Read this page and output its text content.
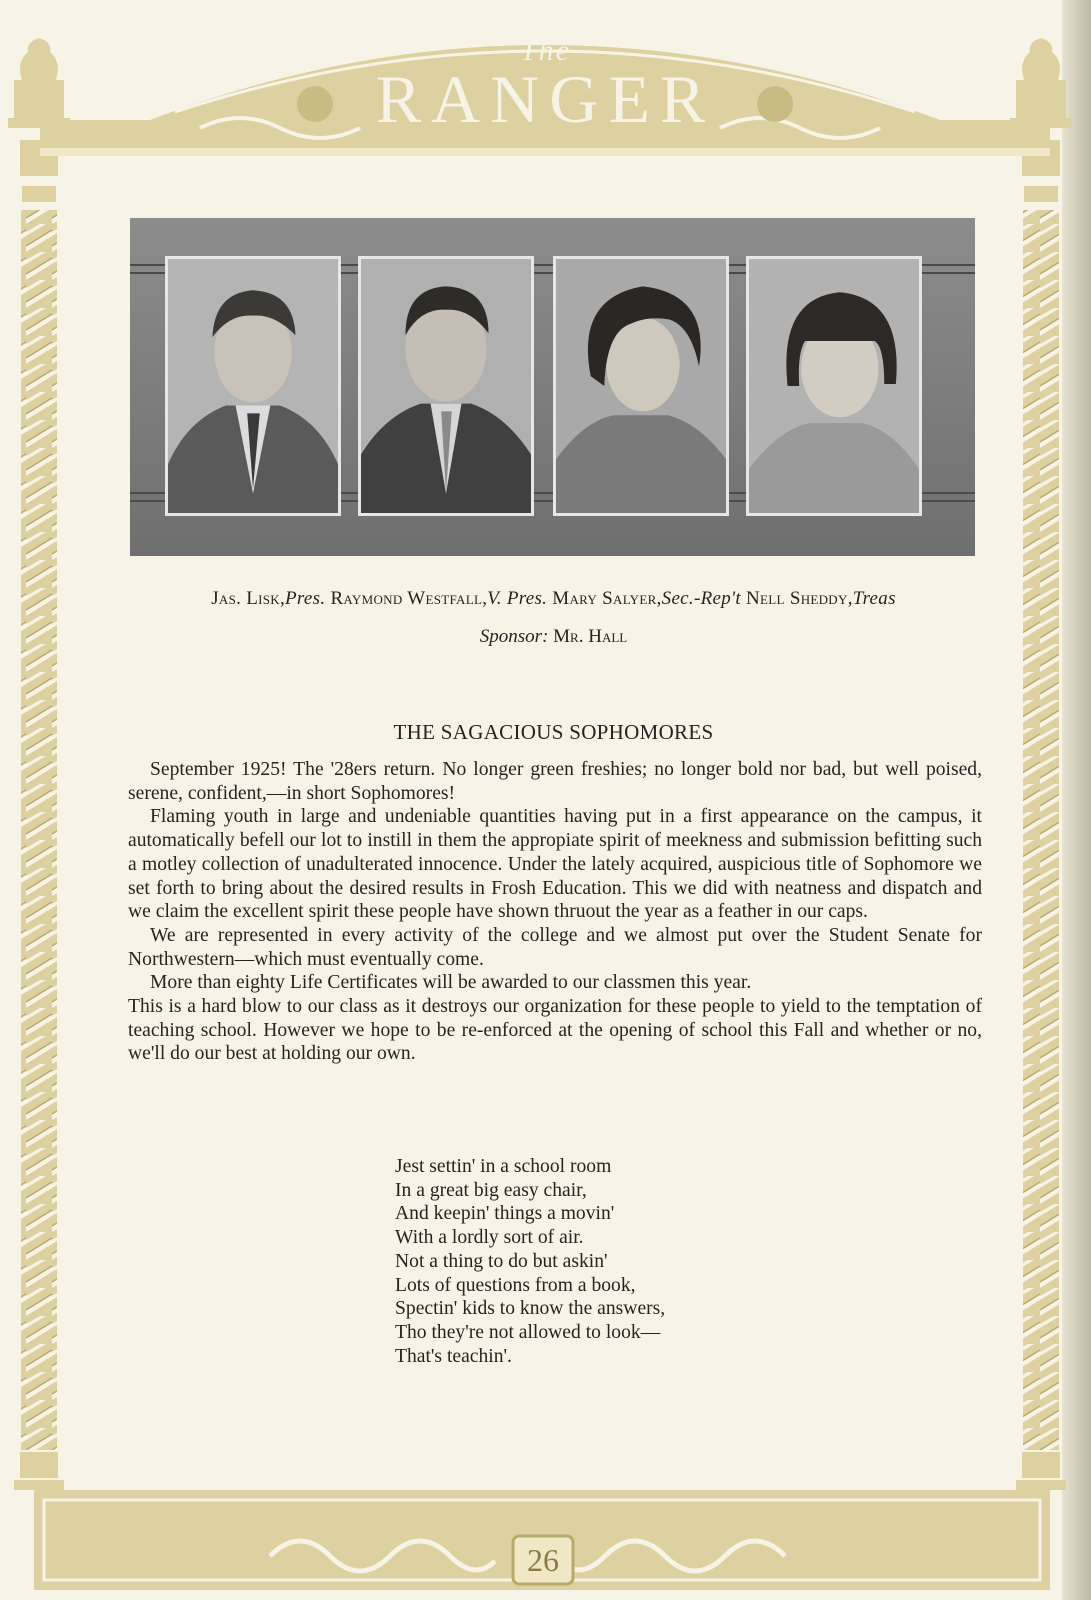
The
RANGER
Jas. Lisk,Pres. Raymond Westfall,V. Pres. Mary Salyer,Sec.-Rep't Nell Sheddy,Treas
Sponsor: Mr. Hall
THE SAGACIOUS SOPHOMORES

September 1925! The '28ers return. No longer green freshies; no longer bold nor bad, but well poised, serene, confident,—in short Sophomores!

Flaming youth in large and undeniable quantities having put in a first appearance on the campus, it automatically befell our lot to instill in them the appropiate spirit of meekness and submission befitting such a motley collection of unadulterated innocence. Under the lately acquired, auspicious title of Sophomore we set forth to bring about the desired results in Frosh Education. This we did with neatness and dispatch and we claim the excellent spirit these people have shown thruout the year as a feather in our caps.

We are represented in every activity of the college and we almost put over the Student Senate for Northwestern—which must eventually come.

More than eighty Life Certificates will be awarded to our classmen this year.

This is a hard blow to our class as it destroys our organization for these people to yield to the temptation of teaching school. However we hope to be re-enforced at the opening of school this Fall and whether or no, we'll do our best at holding our own.

Jest settin' in a school room
In a great big easy chair,
And keepin' things a movin'
With a lordly sort of air.
Not a thing to do but askin'
Lots of questions from a book,
Spectin' kids to know the answers,
Tho they're not allowed to look—
That's teachin'.
26
